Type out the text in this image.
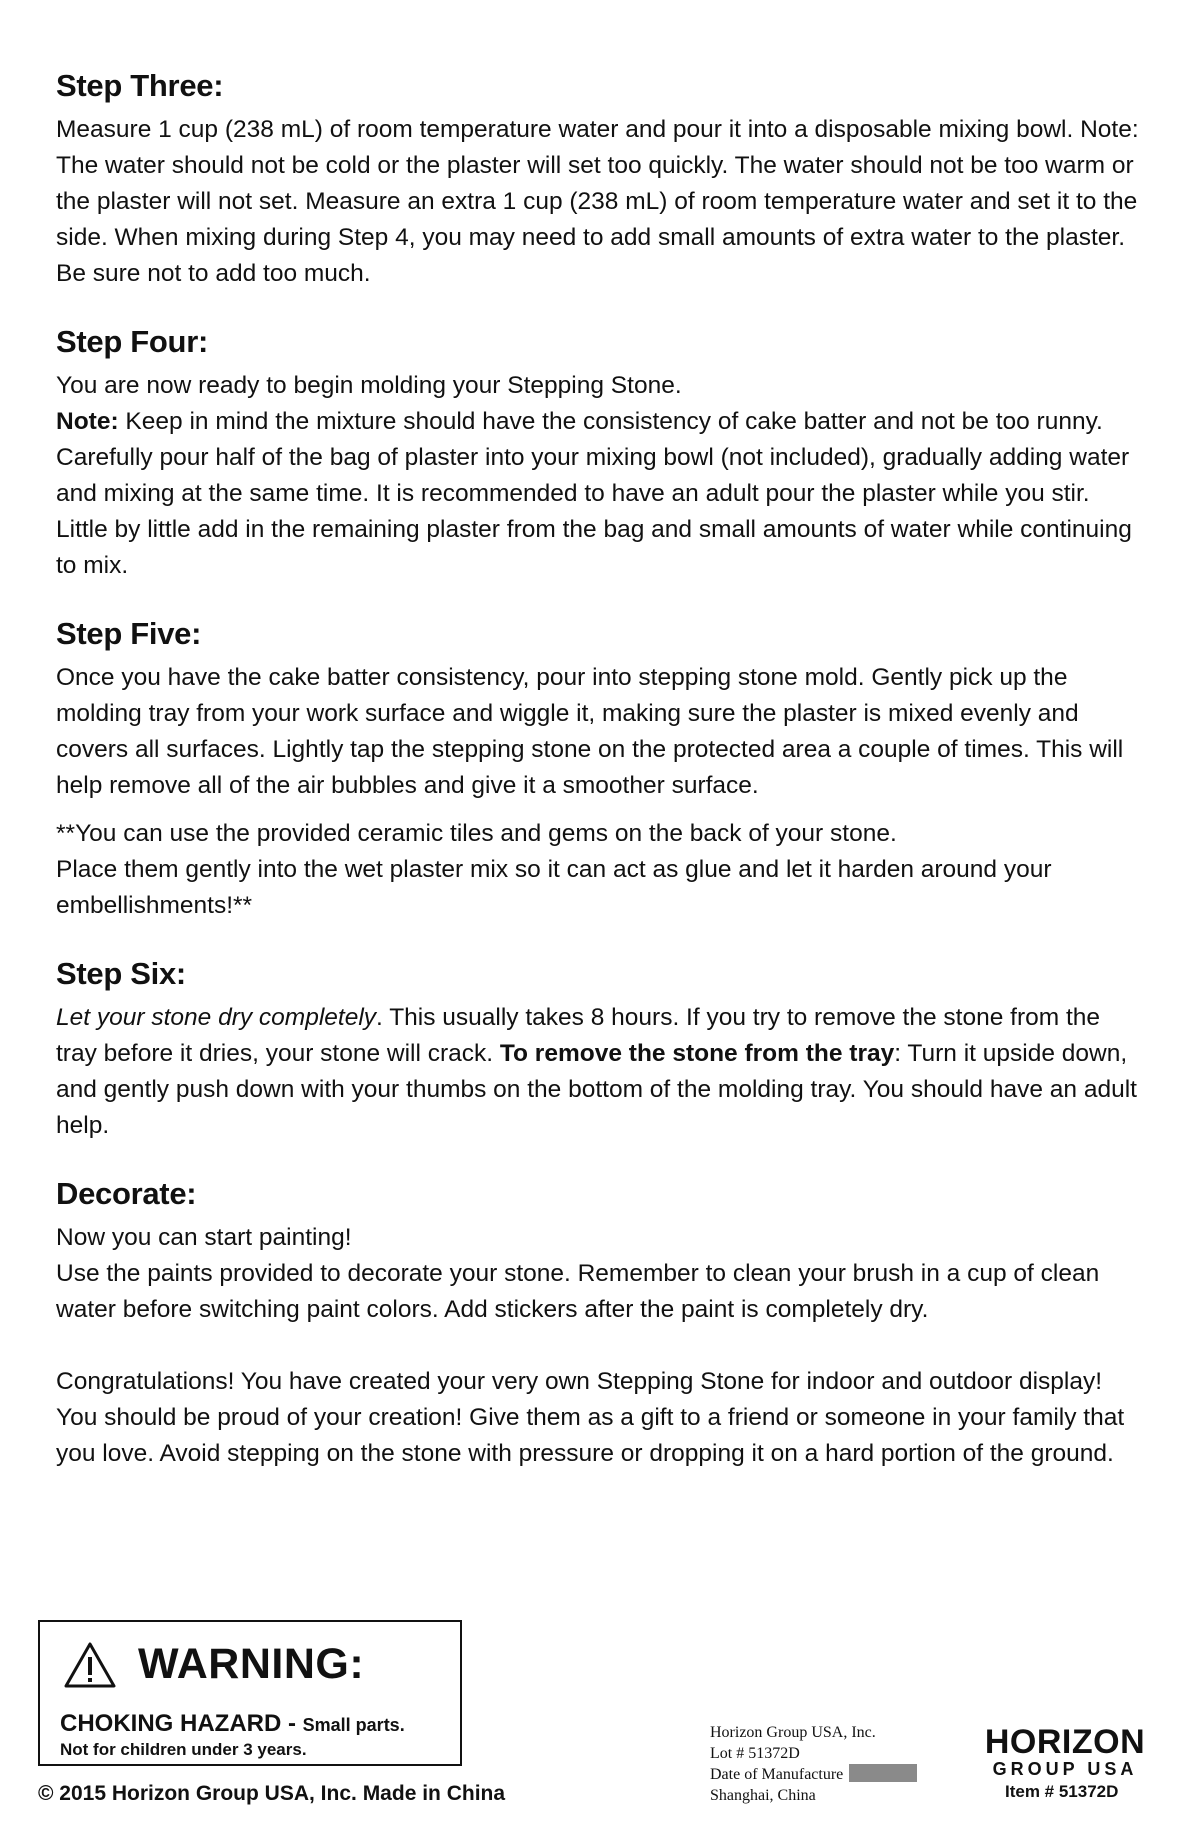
Step Three:

Measure 1 cup (238 mL) of room temperature water and pour it into a disposable mixing bowl. Note: The water should not be cold or the plaster will set too quickly. The water should not be too warm or the plaster will not set. Measure an extra 1 cup (238 mL) of room temperature water and set it to the side. When mixing during Step 4, you may need to add small amounts of extra water to the plaster. Be sure not to add too much.

Step Four:

You are now ready to begin molding your Stepping Stone.

Note: Keep in mind the mixture should have the consistency of cake batter and not be too runny. Carefully pour half of the bag of plaster into your mixing bowl (not included), gradually adding water and mixing at the same time. It is recommended to have an adult pour the plaster while you stir. Little by little add in the remaining plaster from the bag and small amounts of water while continuing to mix.

Step Five:

Once you have the cake batter consistency, pour into stepping stone mold. Gently pick up the molding tray from your work surface and wiggle it, making sure the plaster is mixed evenly and covers all surfaces. Lightly tap the stepping stone on the protected area a couple of times. This will help remove all of the air bubbles and give it a smoother surface.

**You can use the provided ceramic tiles and gems on the back of your stone.

Place them gently into the wet plaster mix so it can act as glue and let it harden around your embellishments!**

Step Six:

Let your stone dry completely. This usually takes 8 hours. If you try to remove the stone from the tray before it dries, your stone will crack. To remove the stone from the tray: Turn it upside down, and gently push down with your thumbs on the bottom of the molding tray. You should have an adult help.

Decorate:

Now you can start painting!

Use the paints provided to decorate your stone. Remember to clean your brush in a cup of clean water before switching paint colors. Add stickers after the paint is completely dry.

Congratulations! You have created your very own Stepping Stone for indoor and outdoor display! You should be proud of your creation! Give them as a gift to a friend or someone in your family that you love. Avoid stepping on the stone with pressure or dropping it on a hard portion of the ground.

WARNING:
CHOKING HAZARD - Small parts.
Not for children under 3 years.
© 2015 Horizon Group USA, Inc. Made in China
Horizon Group USA, Inc.
Lot # 51372D
Date of Manufacture
Shanghai, China
HORIZON
GROUP USA
Item # 51372D
